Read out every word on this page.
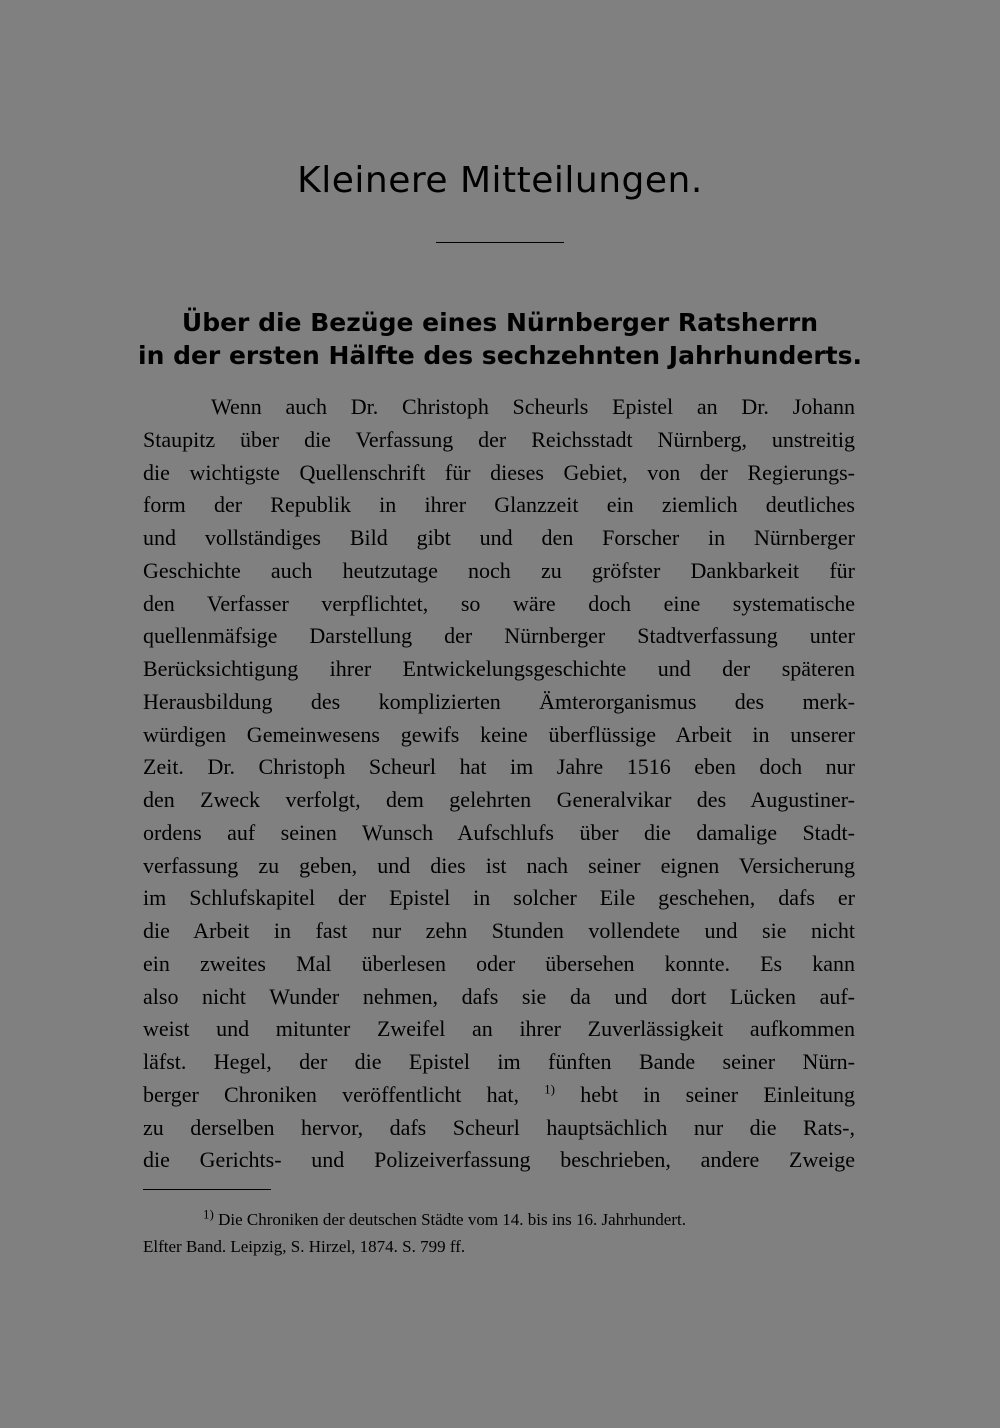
Kleinere Mitteilungen.
Über die Bezüge eines Nürnberger Ratsherrn
in der ersten Hälfte des sechzehnten Jahrhunderts.
Wenn auch Dr. Christoph Scheurls Epistel an Dr. Johann
Staupitz über die Verfassung der Reichsstadt Nürnberg, unstreitig
die wichtigste Quellenschrift für dieses Gebiet, von der Regierungs-
form der Republik in ihrer Glanzzeit ein ziemlich deutliches
und vollständiges Bild gibt und den Forscher in Nürnberger
Geschichte auch heutzutage noch zu gröfster Dankbarkeit für
den Verfasser verpflichtet, so wäre doch eine systematische
quellenmäfsige Darstellung der Nürnberger Stadtverfassung unter
Berücksichtigung ihrer Entwickelungsgeschichte und der späteren
Herausbildung des komplizierten Ämterorganismus des merk-
würdigen Gemeinwesens gewifs keine überflüssige Arbeit in unserer
Zeit. Dr. Christoph Scheurl hat im Jahre 1516 eben doch nur
den Zweck verfolgt, dem gelehrten Generalvikar des Augustiner-
ordens auf seinen Wunsch Aufschlufs über die damalige Stadt-
verfassung zu geben, und dies ist nach seiner eignen Versicherung
im Schlufskapitel der Epistel in solcher Eile geschehen, dafs er
die Arbeit in fast nur zehn Stunden vollendete und sie nicht
ein zweites Mal überlesen oder übersehen konnte. Es kann
also nicht Wunder nehmen, dafs sie da und dort Lücken auf-
weist und mitunter Zweifel an ihrer Zuverlässigkeit aufkommen
läfst. Hegel, der die Epistel im fünften Bande seiner Nürn-
berger Chroniken veröffentlicht hat, $^{1)}$ hebt in seiner Einleitung
zu derselben hervor, dafs Scheurl hauptsächlich nur die Rats-,
die Gerichts- und Polizeiverfassung beschrieben, andere Zweige
$^{1)}$ Die Chroniken der deutschen Städte vom 14. bis ins 16. Jahrhundert.
Elfter Band. Leipzig, S. Hirzel, 1874. S. 799 ff.
